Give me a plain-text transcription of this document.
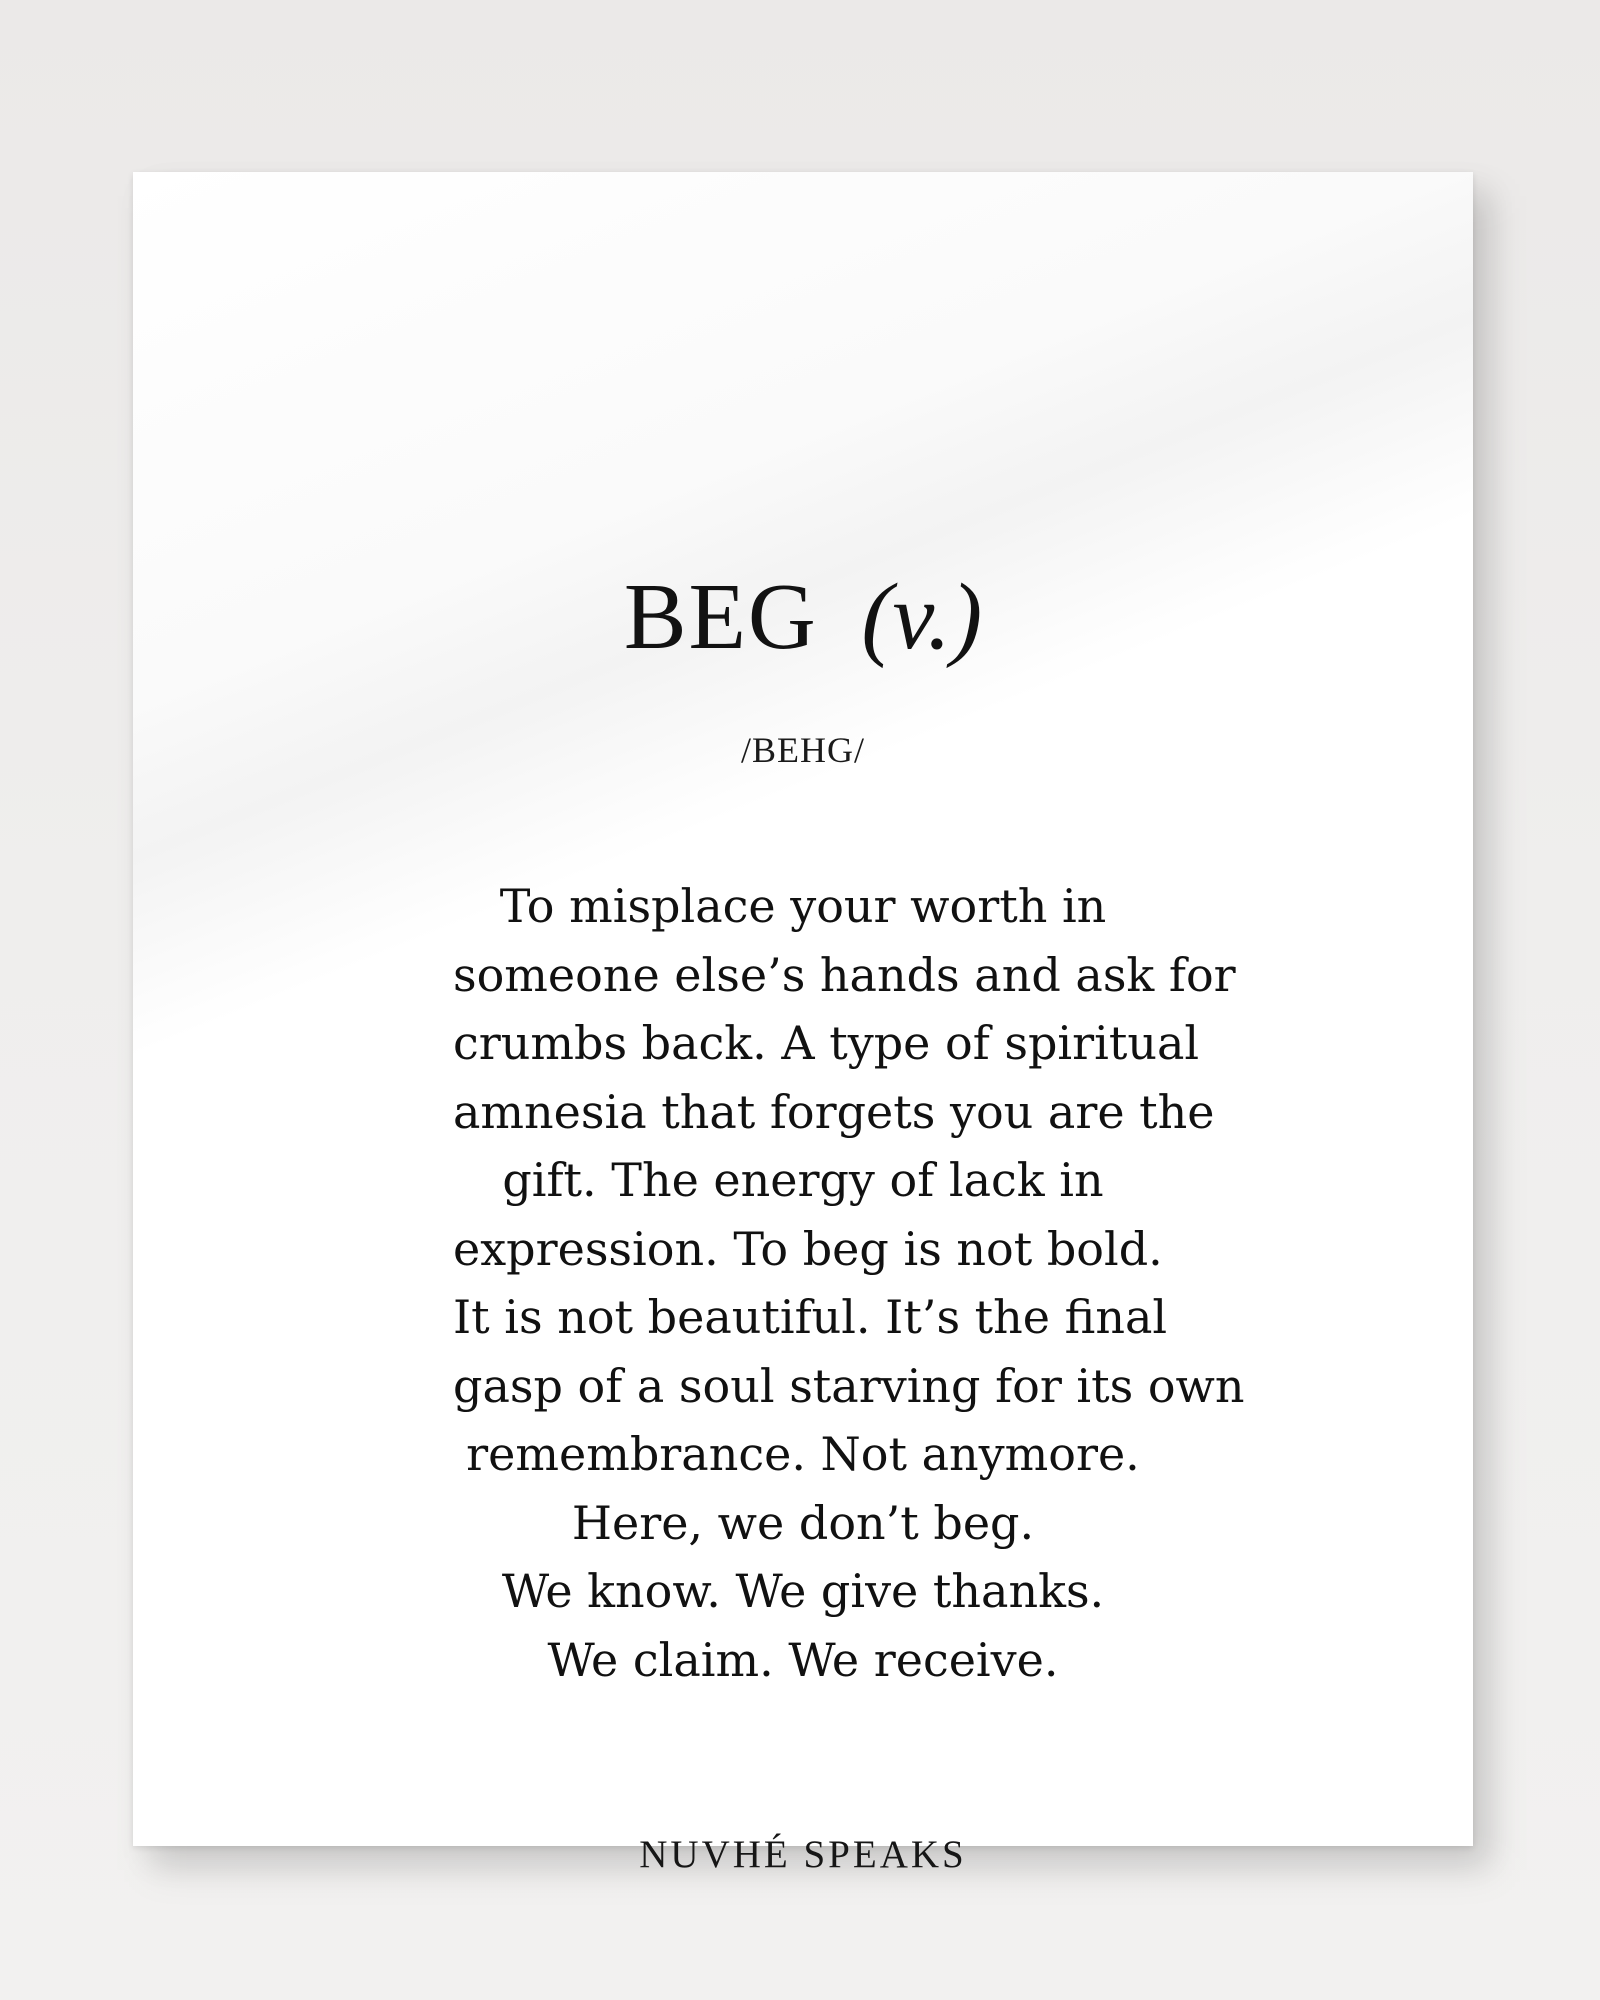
BEG (v.)
/BEHG/
To misplace your worth in
someone else’s hands and ask for
crumbs back. A type of spiritual
amnesia that forgets you are the
gift. The energy of lack in
expression. To beg is not bold.
It is not beautiful. It’s the final
gasp of a soul starving for its own
remembrance. Not anymore.
Here, we don’t beg.
We know. We give thanks.
We claim. We receive.
NUVHÉ SPEAKS
